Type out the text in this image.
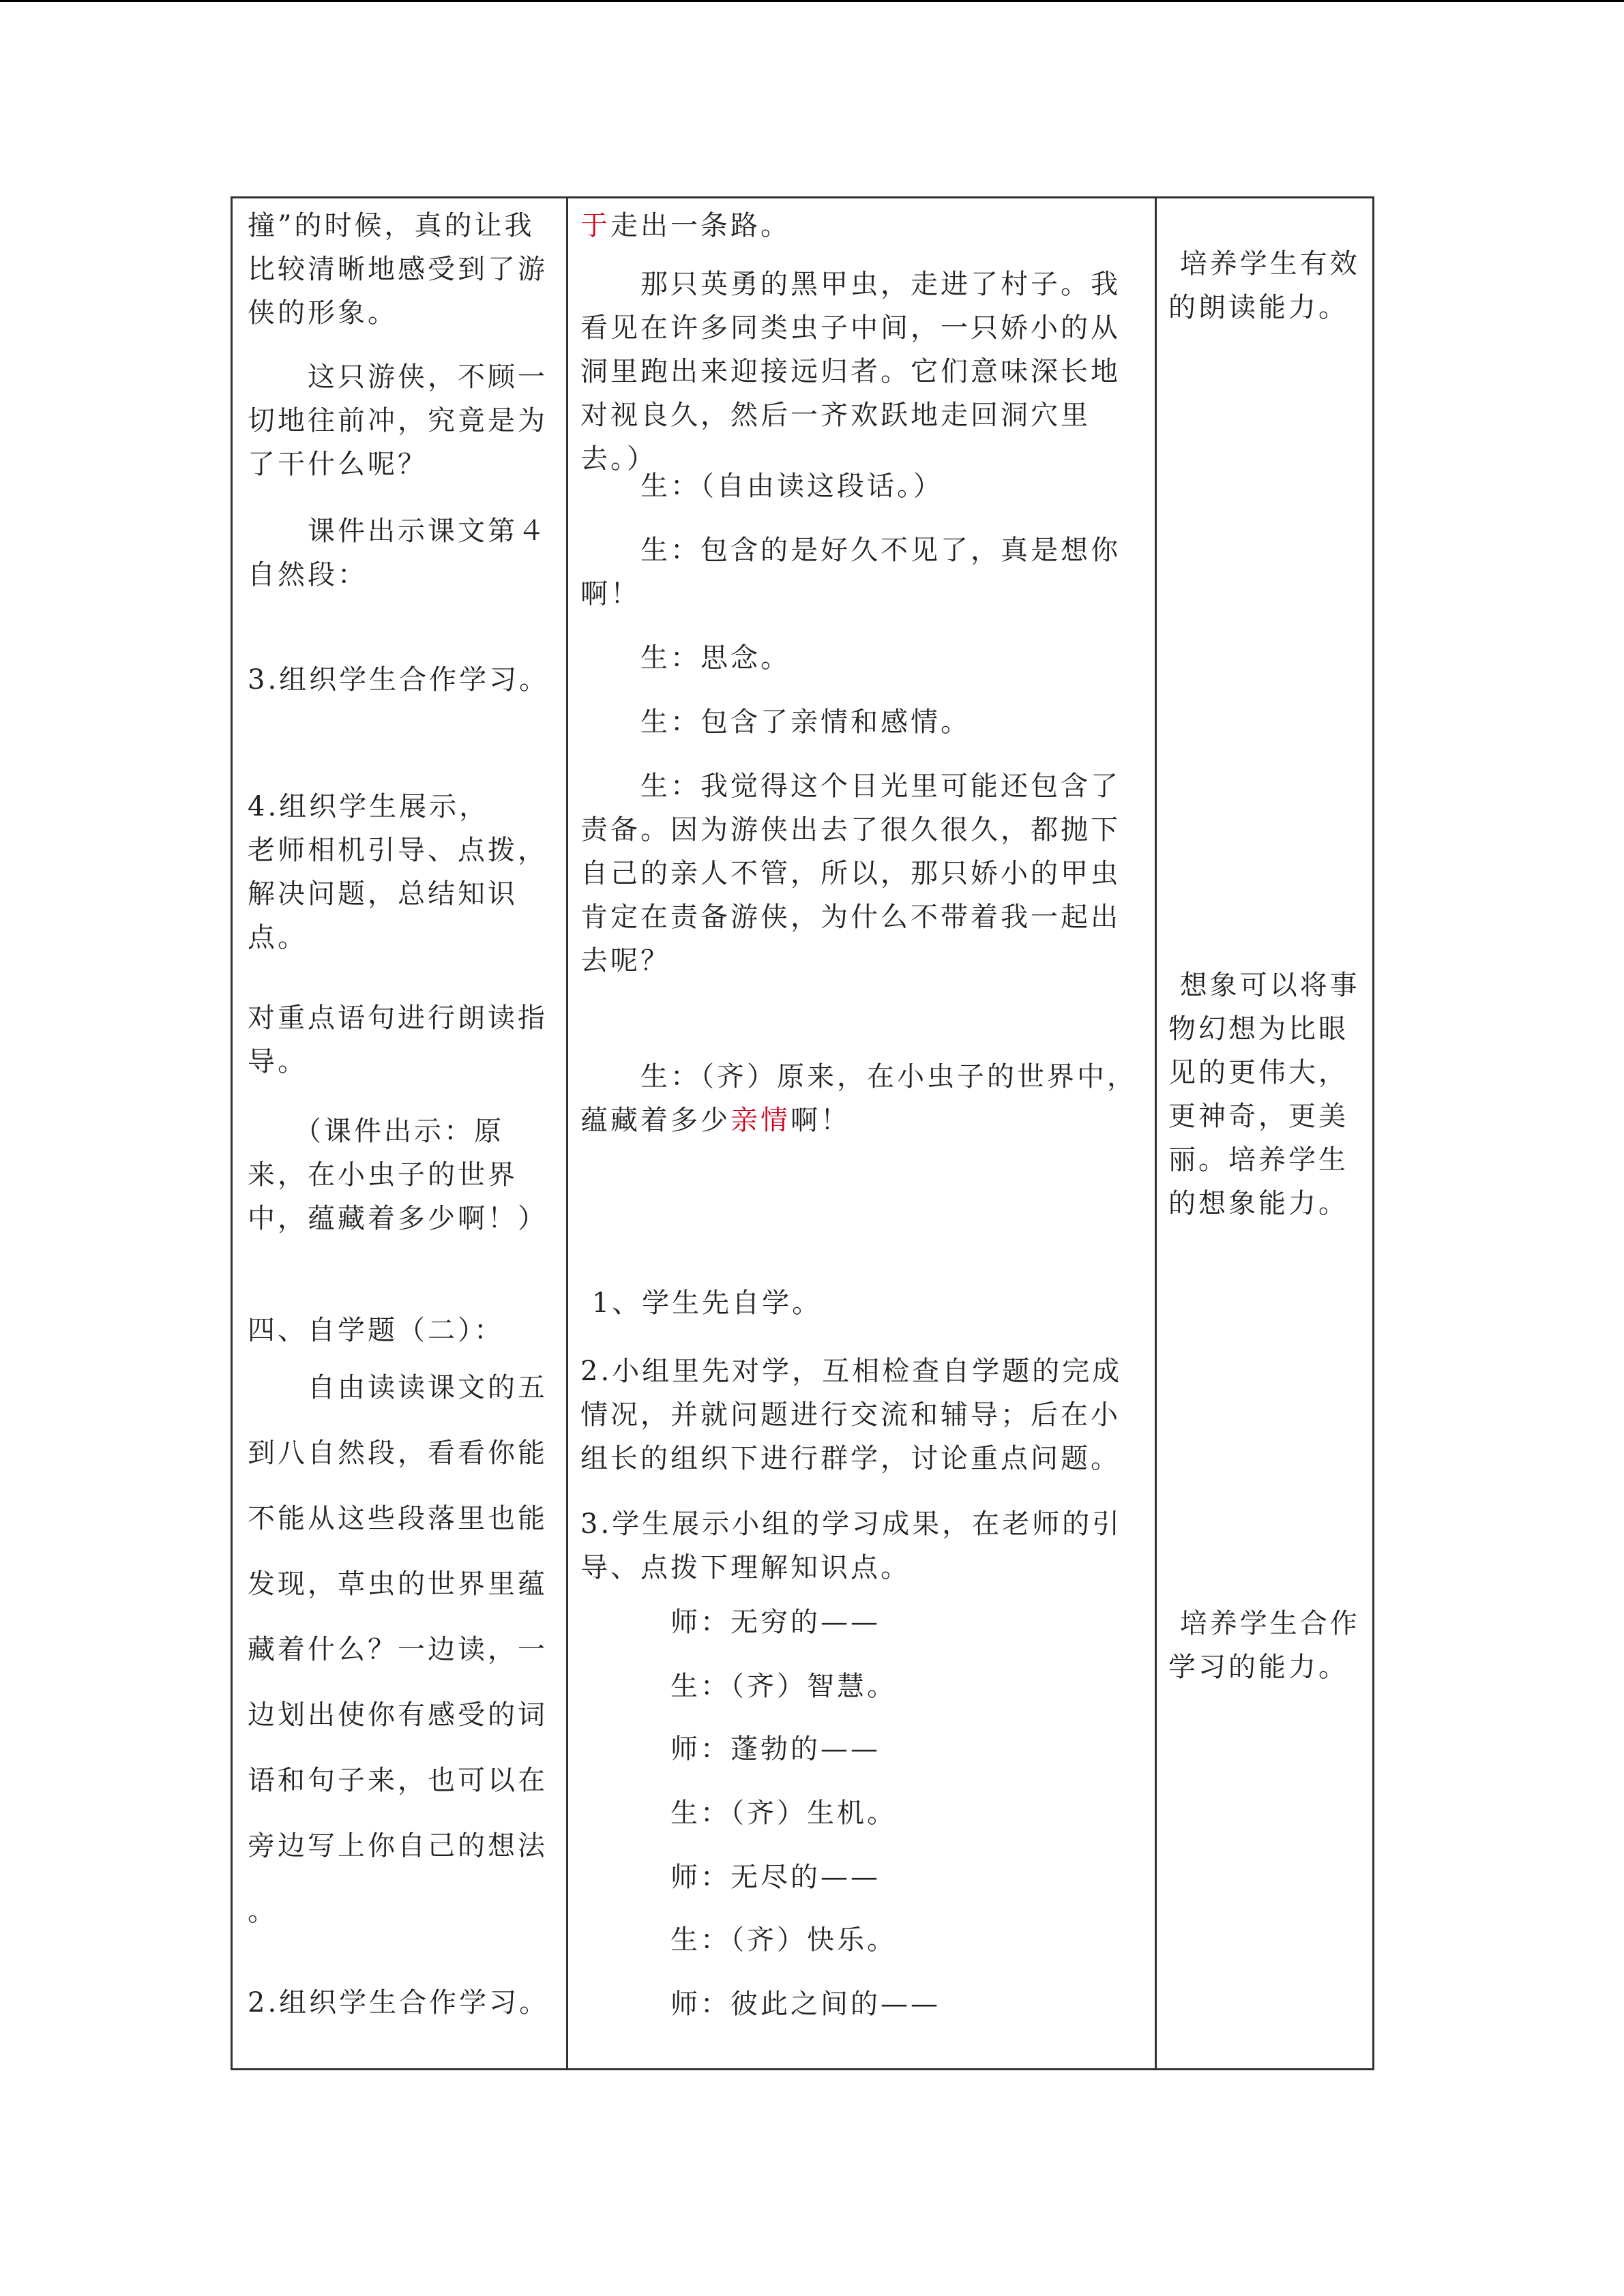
撞”的时候，真的让我比较清晰地感受到了游侠的形象。

　　这只游侠，不顾一切地往前冲，究竟是为了干什么呢？

　　课件出示课文第４自然段：

3.组织学生合作学习。

4.组织学生展示，
老师相机引导、点拨，解决问题，总结知识点。

对重点语句进行朗读指导。

　　（课件出示：原来，在小虫子的世界中，蕴藏着多少啊！）

四、自学题（二）：

　　自由读读课文的五到八自然段，看看你能不能从这些段落里也能发现，草虫的世界里蕴藏着什么？一边读，一边划出使你有感受的词语和句子来，也可以在旁边写上你自己的想法 。

2.组织学生合作学习。

于走出一条路。

　　那只英勇的黑甲虫，走进了村子。我看见在许多同类虫子中间，一只娇小的从洞里跑出来迎接远归者。它们意味深长地对视良久，然后一齐欢跃地走回洞穴里去。）

　　生：（自由读这段话。）

　　生：包含的是好久不见了，真是想你啊！

　　生：思念。

　　生：包含了亲情和感情。

　　生：我觉得这个目光里可能还包含了责备。因为游侠出去了很久很久，都抛下自己的亲人不管，所以，那只娇小的甲虫肯定在责备游侠，为什么不带着我一起出去呢？

　　生：（齐）原来，在小虫子的世界中，蕴藏着多少亲情啊！

1、学生先自学。

2.小组里先对学，互相检查自学题的完成情况，并就问题进行交流和辅导；后在小组长的组织下进行群学，讨论重点问题。

3.学生展示小组的学习成果，在老师的引导、点拨下理解知识点。

　　　师：无穷的——

　　　生：（齐）智慧。

　　　师：蓬勃的——

　　　生：（齐）生机。

　　　师：无尽的——

　　　生：（齐）快乐。

　　　师：彼此之间的——

培养学生有效的朗读能力。

想象可以将事物幻想为比眼见的更伟大，更神奇，更美丽。培养学生的想象能力。

培养学生合作学习的能力。
